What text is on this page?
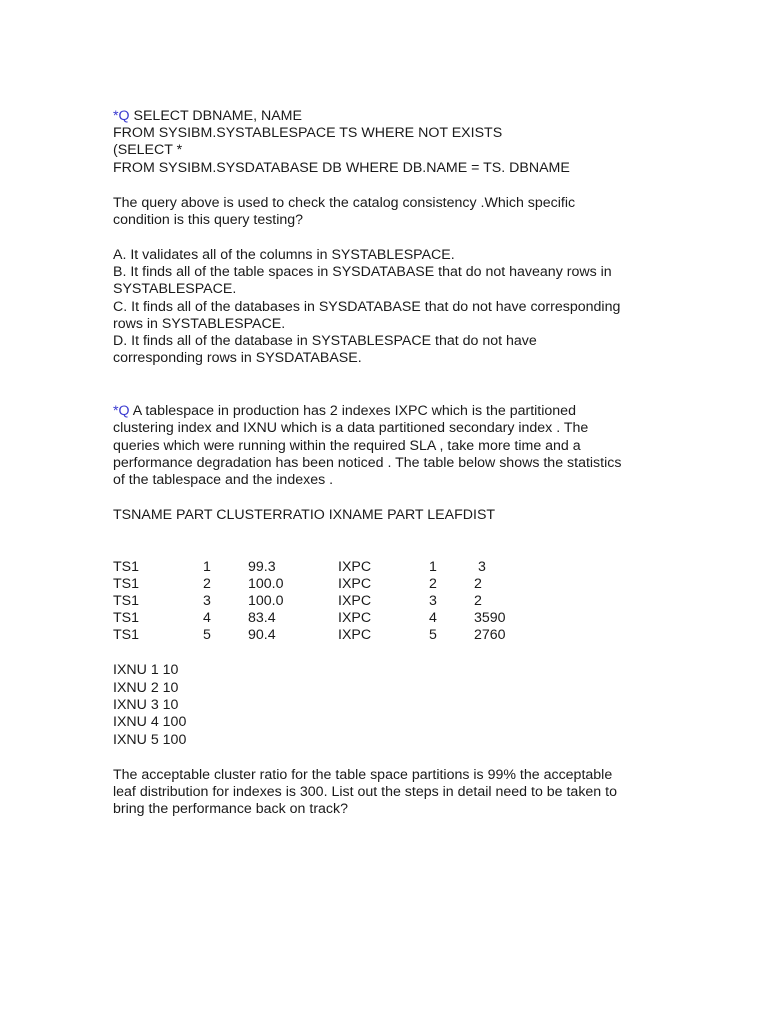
*Q SELECT DBNAME, NAME
FROM SYSIBM.SYSTABLESPACE TS WHERE NOT EXISTS
(SELECT *
FROM SYSIBM.SYSDATABASE DB WHERE DB.NAME = TS. DBNAME
The query above is used to check the catalog consistency .Which specific
condition is this query testing?
A. It validates all of the columns in SYSTABLESPACE.
B. It finds all of the table spaces in SYSDATABASE that do not haveany rows in
SYSTABLESPACE.
C. It finds all of the databases in SYSDATABASE that do not have corresponding
rows in SYSTABLESPACE.
D. It finds all of the database in SYSTABLESPACE that do not have
corresponding rows in SYSDATABASE.
*Q A tablespace in production has 2 indexes IXPC which is the partitioned
clustering index and IXNU which is a data partitioned secondary index . The
queries which were running within the required SLA , take more time and a
performance degradation has been noticed . The table below shows the statistics
of the tablespace and the indexes .
TSNAME PART CLUSTERRATIO IXNAME PART LEAFDIST
TS1	1	99.3	IXPC	1	3
TS1	2	100.0	IXPC	2	2
TS1	3	100.0	IXPC	3	2
TS1	4	83.4	IXPC	4	3590
TS1	5	90.4	IXPC	5	2760
IXNU 1 10
IXNU 2 10
IXNU 3 10
IXNU 4 100
IXNU 5 100
The acceptable cluster ratio for the table space partitions is 99% the acceptable
leaf distribution for indexes is 300. List out the steps in detail need to be taken to
bring the performance back on track?
